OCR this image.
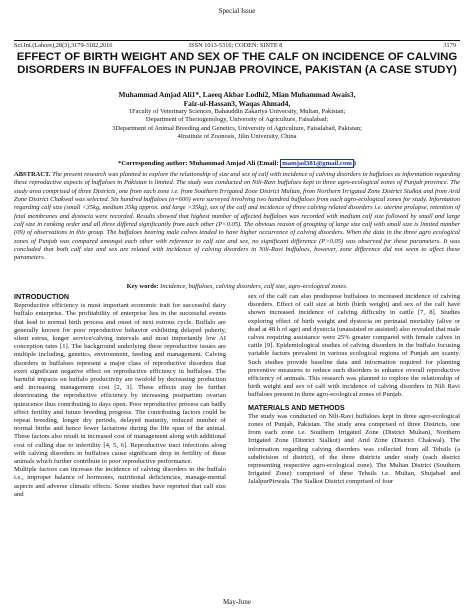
Special Issue
Sci.Int.(Lahore),28(3),3179-3182,2016	ISSN 1013-5316; CODEN: SINTE 8	3179
EFFECT OF BIRTH WEIGHT AND SEX OF THE CALF ON INCIDENCE OF CALVING DISORDERS IN BUFFALOES IN PUNJAB PROVINCE, PAKISTAN (A CASE STUDY)
Muhammad Amjad Ali1*, Laeeq Akbar Lodhi2, Mian Muhammad Awais3,
Faiz-ul-Hassan3, Waqas Ahmad4,
1Faculty of Veterinary Sciences, Bahauddin Zakariya University, Multan, Pakistan;
Department of Theriogenology, University of Agriculture, Faisalabad;
3Department of Animal Breeding and Genetics, University of Agriculture, Faisalabad, Pakistan;
4Institute of Zoonosis, Jilin University, China
*Corresponding author: Muhammad Amjad Ali (Email: mamjad381@gmail.com )
ABSTRACT. The present research was planned to explore the relationship of size and sex of calf with incidence of calving disorders in buffaloes as information regarding these reproductive aspects of buffaloes in Pakistan is limited. The study was conducted on Nili-Ravi buffaloes kept in three agro-ecological zones of Punjab province. The study area comprised of three Districts, one from each zone i.e. from Southern Irrigated Zone District Multan, from Northern Irrigated Zone District Sialkot and from Arid Zone District Chakwal was selected. Six hundred buffaloes (n=600) were surveyed involving two hundred buffaloes from each agro-ecological zones for study. Information regarding calf size (small <35kg, medium 35kg approx. and large >35kg), sex of the calf and incidence of three calving related disorders i.e. uterine prolapse, retention of fetal membranes and dystocia were recorded. Results showed that highest number of affected buffaloes was recorded with medium calf size followed by small and large calf size in ranking order and all three differed significantly from each other (P<0.05). The obvious reason of grouping of large size calf with small size is limited number (09) of observations in this group. The buffaloes bearing male calves tended to have higher occurrence of calving disorders. When the data in the three agro ecological zones of Punjab was compared amongst each other with reference to calf size and sex, no significant difference (P>0.05) was observed for these parameters. It was concluded that both calf size and sex are related with incidence of calving disorders in Nili-Ravi buffaloes, however, zone difference did not seem to affect these parameters.
Key words: Incidence, buffaloes, calving disorders, calf size, agro-ecological zones.
INTRODUCTION

Reproductive efficiency is most important economic trait for successful dairy buffalo enterprise. The profitability of enterprise lies in the successful events that lead to normal birth process and onset of next estrous cycle. Buffalo are generally known for poor reproductive behavior exhibiting delayed puberty, silent estrus, longer service/calving intervals and most importantly low AI conception rates [1]. The background underlying these reproductive issues are multiple including, genetics, environment, feeding and management. Calving disorders in buffaloes represent a major class of reproductive disorders that exert significant negative effect on reproductive efficiency in buffaloes. The harmful impacts on buffalo productivity are twofold by decreasing production and increasing management cost [2, 3]. These effects may be further deteriorating the reproductive efficiency by increasing postpartum ovarian quiescence thus contributing to days open. Poor reproductive process can badly effect fertility and future breeding progress. The contributing factors could be repeat breeding, longer dry periods, delayed maturity, reduced number of normal births and hence fewer lactations during the life span of the animal. These factors also result in increased cost of management along with additional cost of culling due to infertility [4, 5, 6]. Reproductive tract infections along with calving disorders in buffaloes cause significant drop in fertility of these animals which further contribute to poor reproductive performance.

Multiple factors can increase the incidence of calving disorders in the buffalo i.e., improper balance of hormones, nutritional deficiencies, manage-mental aspects and adverse climatic effects. Some studies have reported that calf size and

sex of the calf can also predispose buffaloes to increased incidence of calving disorders. Effect of calf size at birth (birth weight) and sex of the calf have shown increased incidence of calving difficulty in cattle [7, 8]. Studies exploring effect of birth weight and dystocia on perinatal mortality (alive or dead at 48 h of age) and dystocia (unassisted or assisted) also revealed that male calves requiring assistance were 25% greater compared with female calves in cattle [9]. Epidemiological studies of calving disorders in the buffalo focusing variable factors prevalent in various ecological regions of Punjab are scanty. Such studies provide baseline data and information required for planning preventive measures to reduce such disorders to enhance overall reproductive efficiency of animals. This research was planned to explore the relationship of birth weight and sex of calf with incidence of calving disorders in Nili Ravi buffaloes present in three agro-ecological zones of Punjab.

MATERIALS AND METHODS

The study was conducted on Nili-Ravi buffaloes kept in three agro-ecological zones of Punjab, Pakistan. The study area comprised of three Districts, one from each zone i.e. Southern Irrigated Zone (District Multan), Northern Irrigated Zone (District Sialkot) and Arid Zone (District Chakwal). The information regarding calving disorders was collected from all Tehsils (a subdivision of district), of the three districts under study (each district representing respective agro-ecological zone). The Multan District (Southern Irrigated Zone) comprised of three Tehsils i.e. Multan, Shujabad and JalalpurPirwala. The Sialkot District comprised of four

May-June
